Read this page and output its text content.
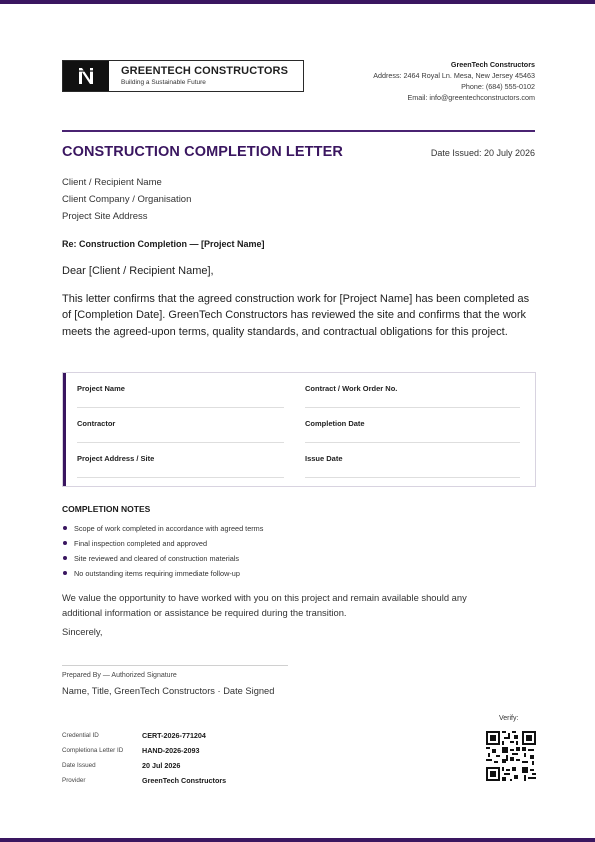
GREENTECH CONSTRUCTORS
Building a Sustainable Future
GreenTech Constructors
Address: 2464 Royal Ln. Mesa, New Jersey 45463
Phone: (684) 555-0102
Email: info@greentechconstructors.com
CONSTRUCTION COMPLETION LETTER	Date Issued: 20 July 2026
Client / Recipient Name
Client Company / Organisation
Project Site Address
Re: Construction Completion — [Project Name]
Dear [Client / Recipient Name],
This letter confirms that the agreed construction work for [Project Name] has been completed as of [Completion Date]. GreenTech Constructors has reviewed the site and confirms that the work meets the agreed-upon terms, quality standards, and contractual obligations for this project.
Project Name	Contract / Work Order No.
Contractor	Completion Date
Project Address / Site	Issue Date
COMPLETION NOTES
Scope of work completed in accordance with agreed terms
Final inspection completed and approved
Site reviewed and cleared of construction materials
No outstanding items requiring immediate follow-up
We value the opportunity to have worked with you on this project and remain available should any additional information or assistance be required during the transition.
Sincerely,
Prepared By — Authorized Signature
Name, Title, GreenTech Constructors · Date Signed
Credential ID	CERT-2026-771204
Completiona Letter ID	HAND-2026-2093
Date Issued	20 Jul 2026
Provider	GreenTech Constructors
Verify:
